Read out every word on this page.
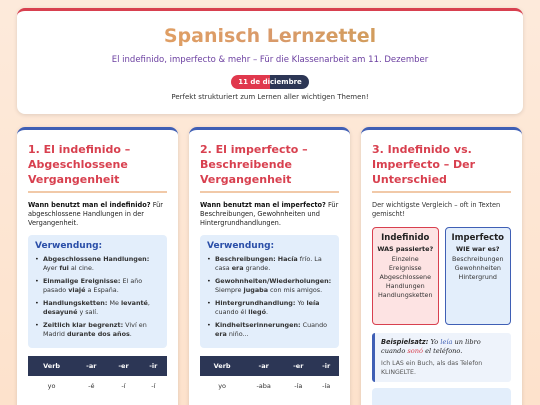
Spanisch Lernzettel
El indefinido, imperfecto & mehr – Für die Klassenarbeit am 11. Dezember
11 de diciembre
Perfekt strukturiert zum Lernen aller wichtigen Themen!
1. El indefinido – Abgeschlossene Vergangenheit

Wann benutzt man el indefinido? Für abgeschlossene Handlungen in der Vergangenheit.

Verwendung:
• Abgeschlossene Handlungen: Ayer fui al cine.
• Einmalige Ereignisse: El año pasado viajé a España.
• Handlungsketten: Me levanté, desayuné y salí.
• Zeitlich klar begrenzt: Viví en Madrid durante dos años.
Verb	-ar	-er	-ir
yo	-é	-í	-í
2. El imperfecto – Beschreibende Vergangenheit

Wann benutzt man el imperfecto? Für Beschreibungen, Gewohnheiten und Hintergrundhandlungen.

Verwendung:
• Beschreibungen: Hacía frío. La casa era grande.
• Gewohnheiten/Wiederholungen: Siempre jugaba con mis amigos.
• Hintergrundhandlung: Yo leía cuando él llegó.
• Kindheitserinnerungen: Cuando era niño...
Verb	-ar	-er	-ir
yo	-aba	-ía	-ía
3. Indefinido vs. Imperfecto – Der Unterschied

Der wichtigste Vergleich – oft in Texten gemischt!

Indefinido
WAS passierte?
Einzelne Ereignisse Abgeschlossene Handlungen Handlungsketten
Imperfecto
WIE war es?
Beschreibungen Gewohnheiten Hintergrund
Beispielsatz: Yo leía un libro cuando sonó el teléfono.
Ich LAS ein Buch, als das Telefon KLINGELTE.
